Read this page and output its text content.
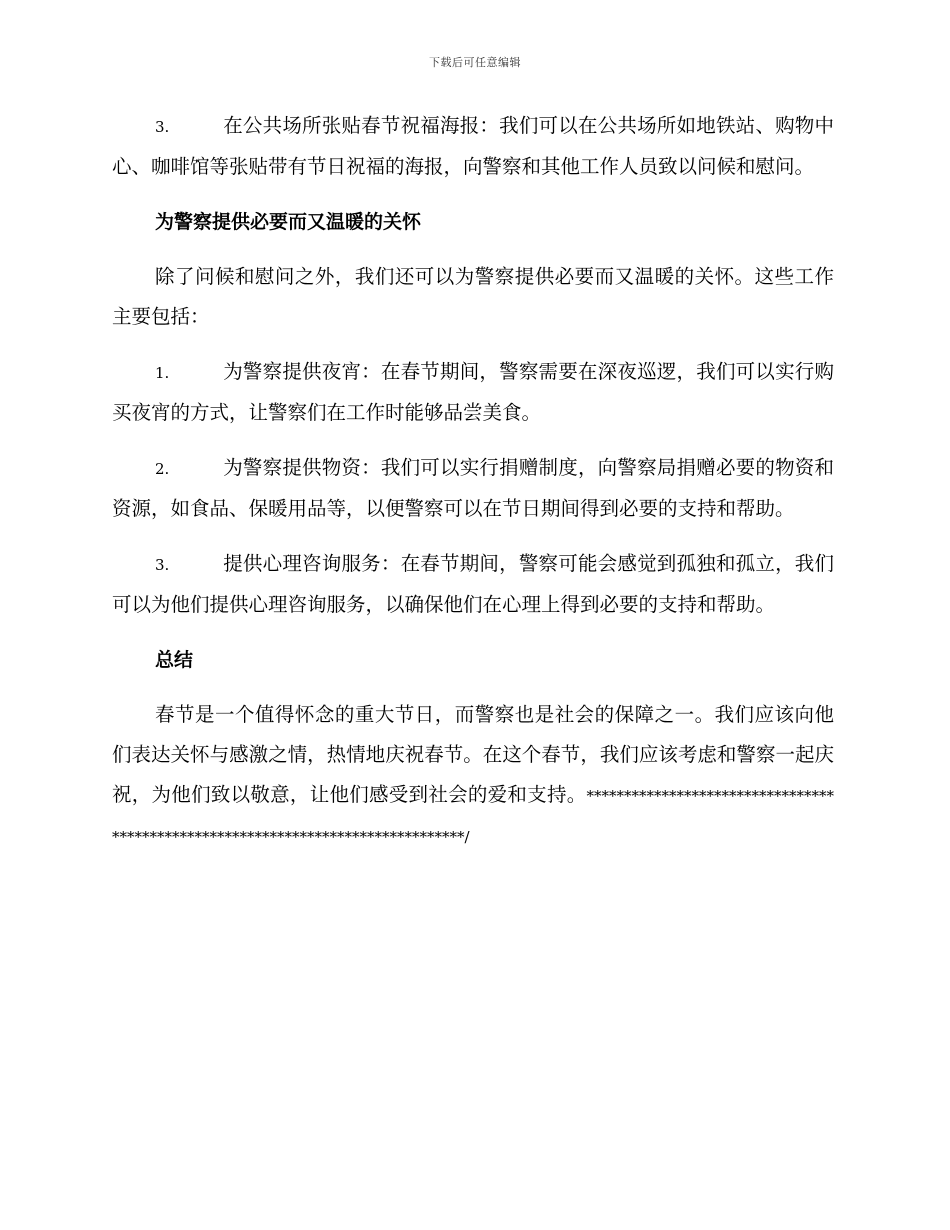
下载后可任意编辑

3.	在公共场所张贴春节祝福海报：我们可以在公共场所如地铁站、购物中心、咖啡馆等张贴带有节日祝福的海报，向警察和其他工作人员致以问候和慰问。

为警察提供必要而又温暖的关怀

除了问候和慰问之外，我们还可以为警察提供必要而又温暖的关怀。这些工作主要包括：

1.	为警察提供夜宵：在春节期间，警察需要在深夜巡逻，我们可以实行购买夜宵的方式，让警察们在工作时能够品尝美食。

2.	为警察提供物资：我们可以实行捐赠制度，向警察局捐赠必要的物资和资源，如食品、保暖用品等，以便警察可以在节日期间得到必要的支持和帮助。

3.	提供心理咨询服务：在春节期间，警察可能会感觉到孤独和孤立，我们可以为他们提供心理咨询服务，以确保他们在心理上得到必要的支持和帮助。

总结

春节是一个值得怀念的重大节日，而警察也是社会的保障之一。我们应该向他们表达关怀与感激之情，热情地庆祝春节。在这个春节，我们应该考虑和警察一起庆祝，为他们致以敬意，让他们感受到社会的爱和支持。********************************************************************************/
